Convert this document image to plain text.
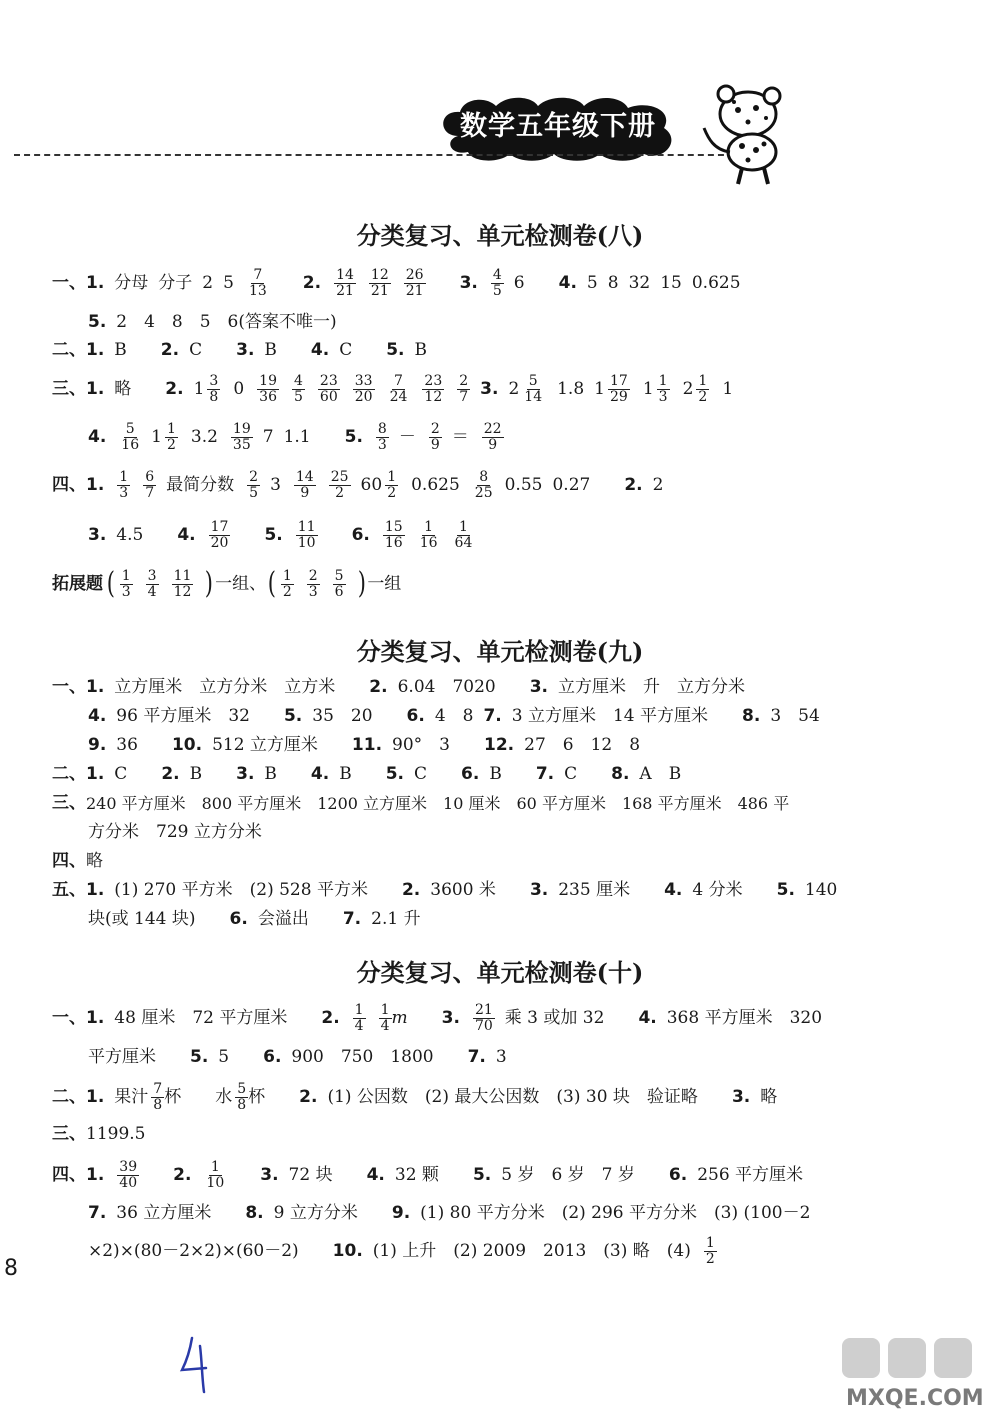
数学五年级下册
分类复习、单元检测卷(八)
一、1. 分母 分子 2 $5 \frac{7}{13} 2$. $\frac{14}{21} \frac{12}{21} \frac{26}{21} 3$. $\frac{4}{5} 6$ 4. 5 8 32 15 0.625
5. 2　4　8　5　6(答案不唯一)
二、1. B 2. C 3. B 4. C 5. B
三、1. 略 2. $1 \frac{3}{8} 0 \frac{19}{36} \frac{4}{5} \frac{23}{60} \frac{33}{20} \frac{7}{24} \frac{23}{12} \frac{2}{7} 3$. $2 \frac{5}{14} 1.8$ $1 \frac{17}{29} 1 \frac{1}{3} 2 \frac{1}{2} 1$
4. $\frac{5}{16} 1 \frac{1}{2} 3.2 \frac{19}{35} 7$ 1.1 5. $\frac{8}{3} - \frac{2}{9} = \frac{22}{9}$
四、1. $\frac{1}{3} \frac{6}{7}$ 最简分数 $\frac{2}{5} 3 \frac{14}{9} \frac{25}{2} 60 \frac{1}{2} 0.625 \frac{8}{25} 0.55$ 0.27 2. 2
3. 4.5 4. $\frac{17}{20} 5$. $\frac{11}{10} 6$. $\frac{15}{16} \frac{1}{16} \frac{1}{64}$
拓展题 ( $\frac{1}{3} \frac{3}{4} \frac{11}{12}$ ) 一组、 ( $\frac{1}{2} \frac{2}{3} \frac{5}{6}$ ) 一组
分类复习、单元检测卷(九)
一、1. 立方厘米　立方分米　立方米 2. 6.04　7020 3. 立方厘米　升　立方分米
4. 96 平方厘米　32 5. 35　20 6. 4　8 7. 3 立方厘米　14 平方厘米 8. 3　54
9. 36 10. 512 立方厘米 11. 90°　3 12. 27　6　12　8
二、1. C 2. B 3. B 4. B 5. C 6. B 7. C 8. A　B
三、 240 平方厘米　800 平方厘米　1200 立方厘米　10 厘米　60 平方厘米　168 平方厘米　486 平
方分米　729 立方分米
四、 略
五、1. (1) 270 平方米　(2) 528 平方米 2. 3600 米 3. 235 厘米 4. 4 分米 5. 140
块(或 144 块) 6. 会溢出 7. 2.1 升
分类复习、单元检测卷(十)
一、1. 48 厘米　72 平方厘米 2. $\frac{1}{4} \frac{1}{4}$ m 3. $\frac{21}{70}$ 乘 3 或加 32 4. 368 平方厘米　320
平方厘米 5. 5 6. 900　750　1800 7. 3
二、1. 果汁 $\frac{7}{8}$ 杯 水 $\frac{5}{8}$ 杯 2. (1) 公因数　(2) 最大公因数　(3) 30 块　验证略 3. 略
三、 1199.5
四、1. $\frac{39}{40} 2$. $\frac{1}{10} 3$. 72 块 4. 32 颗 5. 5 岁　6 岁　7 岁 6. 256 平方厘米
7. 36 立方厘米 8. 9 立方分米 9. (1) 80 平方分米　(2) 296 平方分米　(3) (100－2
×2)×(80－2×2)×(60－2) 10. (1) 上升　(2) 2009　2013　(3) 略　$(4) \frac{1}{2}$
8
MXQE.COM
